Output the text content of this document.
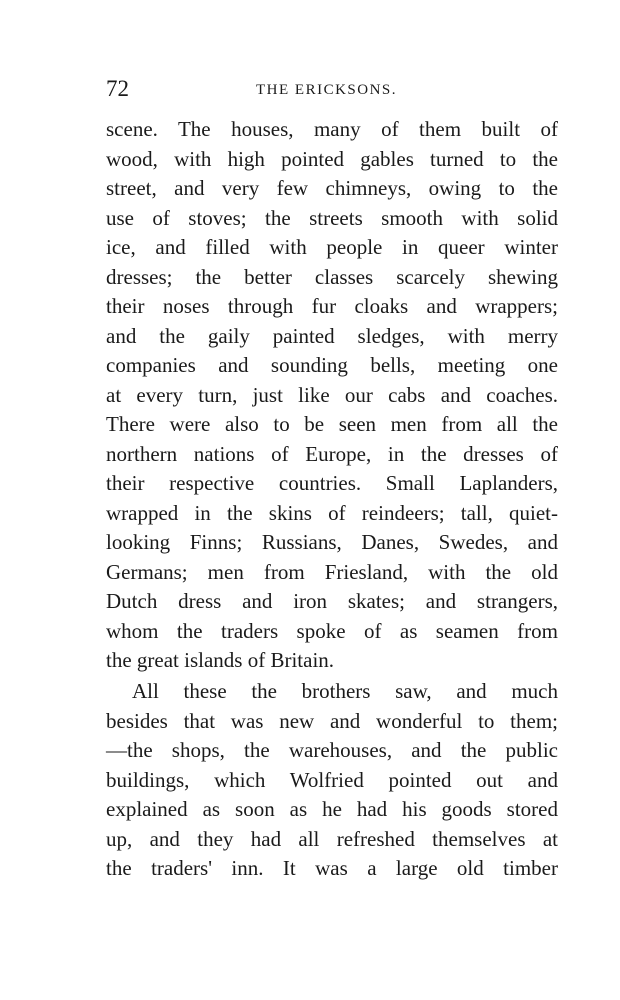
72	THE ERICKSONS.
scene. The houses, many of them built of
wood, with high pointed gables turned to the
street, and very few chimneys, owing to the
use of stoves; the streets smooth with solid
ice, and filled with people in queer winter
dresses; the better classes scarcely shewing
their noses through fur cloaks and wrappers;
and the gaily painted sledges, with merry
companies and sounding bells, meeting one
at every turn, just like our cabs and coaches.
There were also to be seen men from all the
northern nations of Europe, in the dresses of
their respective countries. Small Laplanders,
wrapped in the skins of reindeers; tall, quiet-
looking Finns; Russians, Danes, Swedes, and
Germans; men from Friesland, with the old
Dutch dress and iron skates; and strangers,
whom the traders spoke of as seamen from
the great islands of Britain.
All these the brothers saw, and much
besides that was new and wonderful to them;
—the shops, the warehouses, and the public
buildings, which Wolfried pointed out and
explained as soon as he had his goods stored
up, and they had all refreshed themselves at
the traders' inn. It was a large old timber
